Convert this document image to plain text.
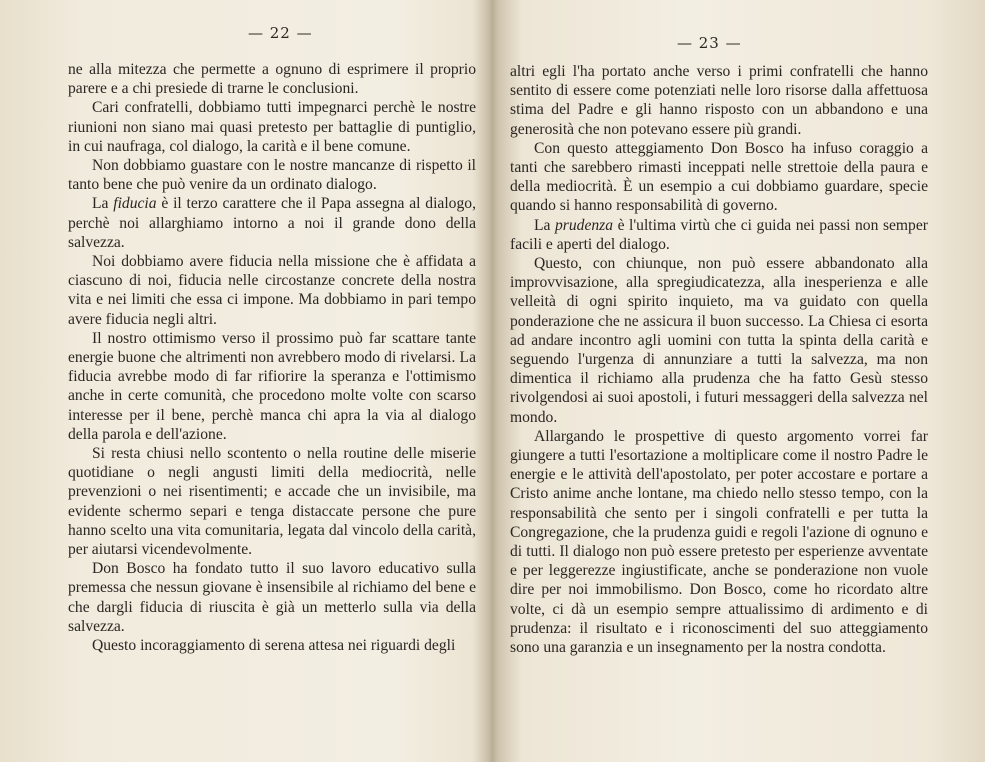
— 22 —

ne alla mitezza che permette a ognuno di esprimere il proprio parere e a chi presiede di trarne le conclusioni.

Cari confratelli, dobbiamo tutti impegnarci perchè le nostre riunioni non siano mai quasi pretesto per battaglie di puntiglio, in cui naufraga, col dialogo, la carità e il bene comune.

Non dobbiamo guastare con le nostre mancanze di rispetto il tanto bene che può venire da un ordinato dialogo.

La fiducia è il terzo carattere che il Papa assegna al dialogo, perchè noi allarghiamo intorno a noi il grande dono della salvezza.

Noi dobbiamo avere fiducia nella missione che è affidata a ciascuno di noi, fiducia nelle circostanze concrete della nostra vita e nei limiti che essa ci impone. Ma dobbiamo in pari tempo avere fiducia negli altri.

Il nostro ottimismo verso il prossimo può far scattare tante energie buone che altrimenti non avrebbero modo di rivelarsi. La fiducia avrebbe modo di far rifiorire la speranza e l'ottimismo anche in certe comunità, che procedono molte volte con scarso interesse per il bene, perchè manca chi apra la via al dialogo della parola e dell'azione.

Si resta chiusi nello scontento o nella routine delle miserie quotidiane o negli angusti limiti della mediocrità, nelle prevenzioni o nei risentimenti; e accade che un invisibile, ma evidente schermo separi e tenga distaccate persone che pure hanno scelto una vita comunitaria, legata dal vincolo della carità, per aiutarsi vicendevolmente.

Don Bosco ha fondato tutto il suo lavoro educativo sulla premessa che nessun giovane è insensibile al richiamo del bene e che dargli fiducia di riuscita è già un metterlo sulla via della salvezza.

Questo incoraggiamento di serena attesa nei riguardi degli

— 23 —

altri egli l'ha portato anche verso i primi confratelli che hanno sentito di essere come potenziati nelle loro risorse dalla affettuosa stima del Padre e gli hanno risposto con un abbandono e una generosità che non potevano essere più grandi.

Con questo atteggiamento Don Bosco ha infuso coraggio a tanti che sarebbero rimasti inceppati nelle strettoie della paura e della mediocrità. È un esempio a cui dobbiamo guardare, specie quando si hanno responsabilità di governo.

La prudenza è l'ultima virtù che ci guida nei passi non semper facili e aperti del dialogo.

Questo, con chiunque, non può essere abbandonato alla improvvisazione, alla spregiudicatezza, alla inesperienza e alle velleità di ogni spirito inquieto, ma va guidato con quella ponderazione che ne assicura il buon successo. La Chiesa ci esorta ad andare incontro agli uomini con tutta la spinta della carità e seguendo l'urgenza di annunziare a tutti la salvezza, ma non dimentica il richiamo alla prudenza che ha fatto Gesù stesso rivolgendosi ai suoi apostoli, i futuri messaggeri della salvezza nel mondo.

Allargando le prospettive di questo argomento vorrei far giungere a tutti l'esortazione a moltiplicare come il nostro Padre le energie e le attività dell'apostolato, per poter accostare e portare a Cristo anime anche lontane, ma chiedo nello stesso tempo, con la responsabilità che sento per i singoli confratelli e per tutta la Congregazione, che la prudenza guidi e regoli l'azione di ognuno e di tutti. Il dialogo non può essere pretesto per esperienze avventate e per leggerezze ingiustificate, anche se ponderazione non vuole dire per noi immobilismo. Don Bosco, come ho ricordato altre volte, ci dà un esempio sempre attualissimo di ardimento e di prudenza: il risultato e i riconoscimenti del suo atteggiamento sono una garanzia e un insegnamento per la nostra condotta.
